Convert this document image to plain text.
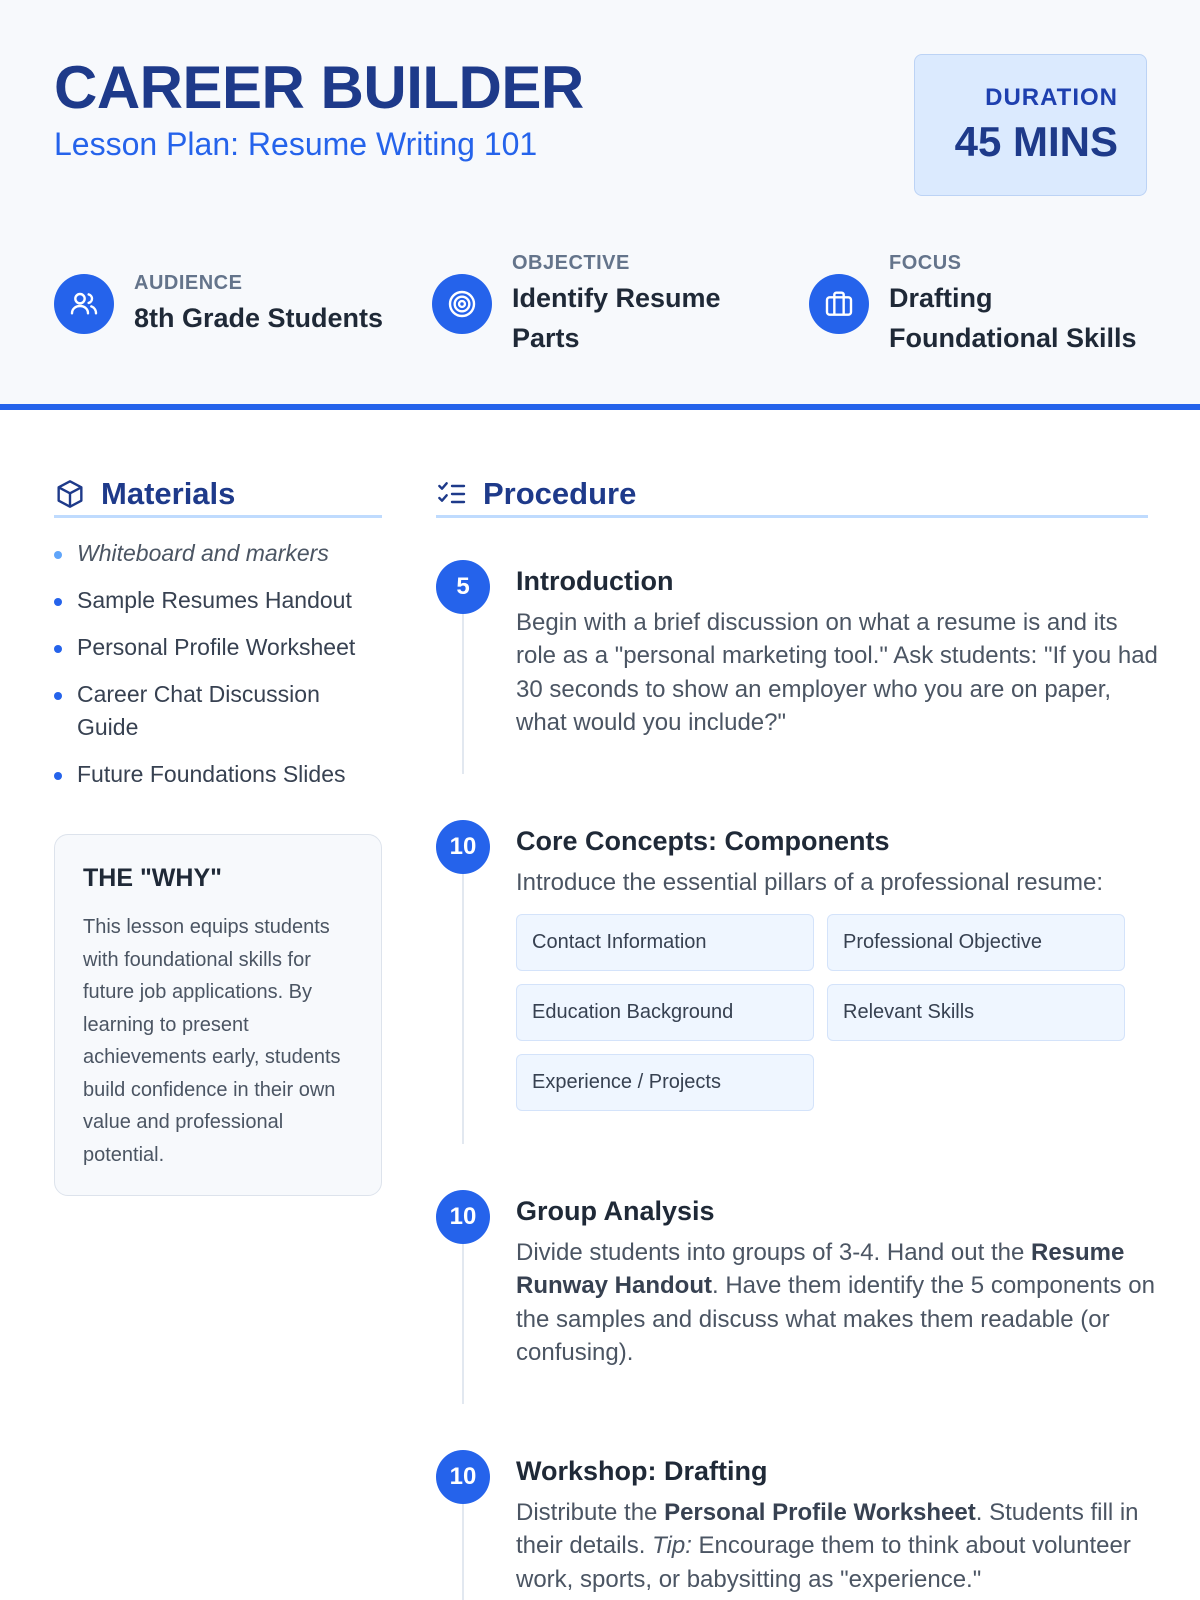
CAREER BUILDER
Lesson Plan: Resume Writing 101
DURATION
45 MINS
AUDIENCE
8th Grade Students
OBJECTIVE
Identify Resume
Parts
FOCUS
Drafting
Foundational Skills
Materials
Whiteboard and markers
Sample Resumes Handout
Personal Profile Worksheet
Career Chat Discussion Guide
Future Foundations Slides
THE "WHY"
This lesson equips students with foundational skills for future job applications. By learning to present achievements early, students build confidence in their own value and professional potential.
Procedure
5	Introduction
Begin with a brief discussion on what a resume is and its role as a "personal marketing tool." Ask students: "If you had 30 seconds to show an employer who you are on paper, what would you include?"
10	Core Concepts: Components
Introduce the essential pillars of a professional resume:
Contact Information	Professional Objective
Education Background	Relevant Skills
Experience / Projects
10	Group Analysis
Divide students into groups of 3-4. Hand out the Resume Runway Handout. Have them identify the 5 components on the samples and discuss what makes them readable (or confusing).
10	Workshop: Drafting
Distribute the Personal Profile Worksheet. Students fill in their details. Tip: Encourage them to think about volunteer work, sports, or babysitting as "experience."
